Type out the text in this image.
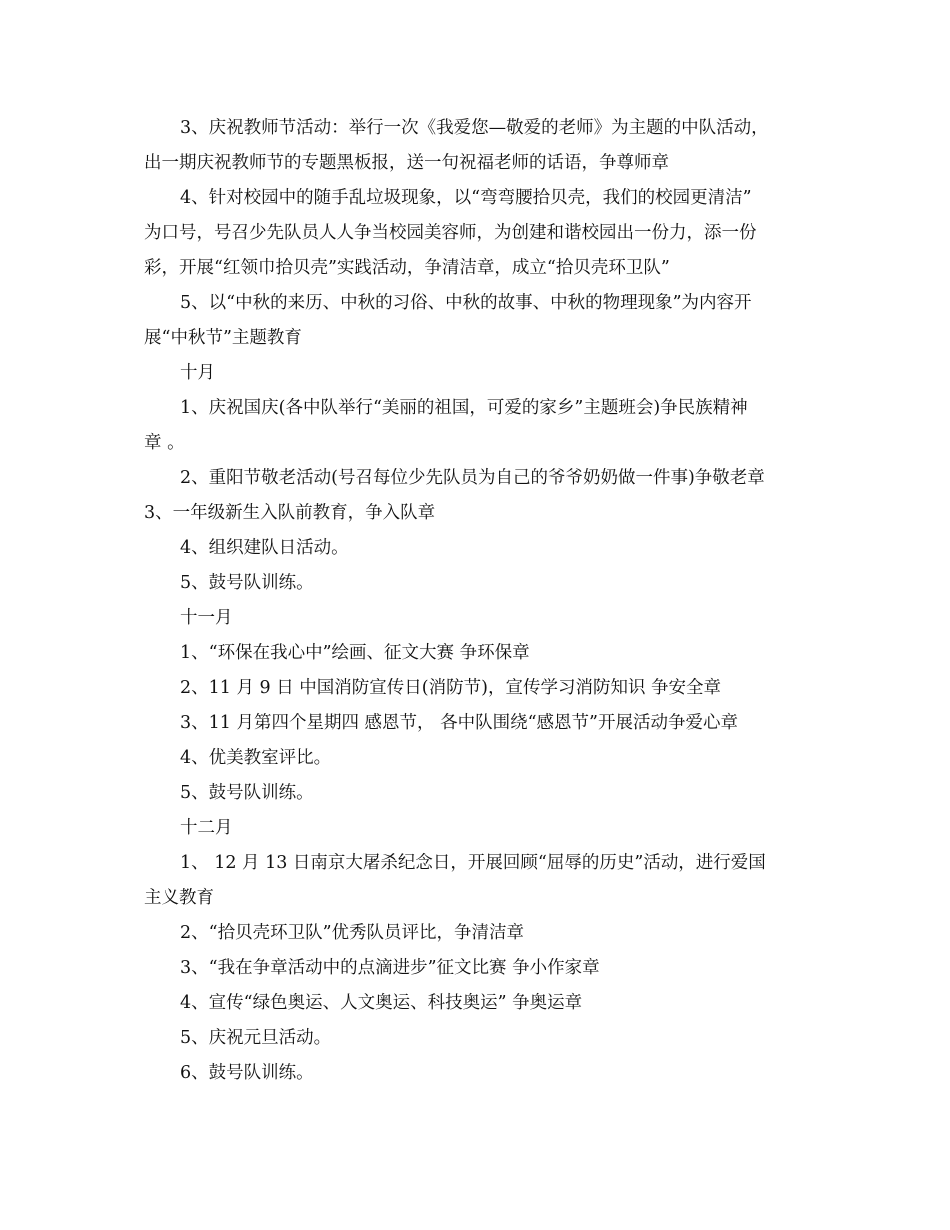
3、庆祝教师节活动：举行一次《我爱您—敬爱的老师》为主题的中队活动，
出一期庆祝教师节的专题黑板报，送一句祝福老师的话语，争尊师章
4、针对校园中的随手乱垃圾现象，以“弯弯腰拾贝壳，我们的校园更清洁”
为口号，号召少先队员人人争当校园美容师，为创建和谐校园出一份力，添一份
彩，开展“红领巾拾贝壳”实践活动，争清洁章，成立“拾贝壳环卫队”
5、以“中秋的来历、中秋的习俗、中秋的故事、中秋的物理现象”为内容开
展“中秋节”主题教育
十月
1、庆祝国庆(各中队举行“美丽的祖国，可爱的家乡”主题班会)争民族精神
章 。
2、重阳节敬老活动(号召每位少先队员为自己的爷爷奶奶做一件事)争敬老章
3、一年级新生入队前教育，争入队章
4、组织建队日活动。
5、鼓号队训练。
十一月
1、“环保在我心中”绘画、征文大赛 争环保章
2、11 月 9 日 中国消防宣传日(消防节)，宣传学习消防知识 争安全章
3、11 月第四个星期四 感恩节， 各中队围绕“感恩节”开展活动争爱心章
4、优美教室评比。
5、鼓号队训练。
十二月
1、 12 月 13 日南京大屠杀纪念日，开展回顾“屈辱的历史”活动，进行爱国
主义教育
2、“拾贝壳环卫队”优秀队员评比，争清洁章
3、“我在争章活动中的点滴进步”征文比赛 争小作家章
4、宣传“绿色奥运、人文奥运、科技奥运” 争奥运章
5、庆祝元旦活动。
6、鼓号队训练。
